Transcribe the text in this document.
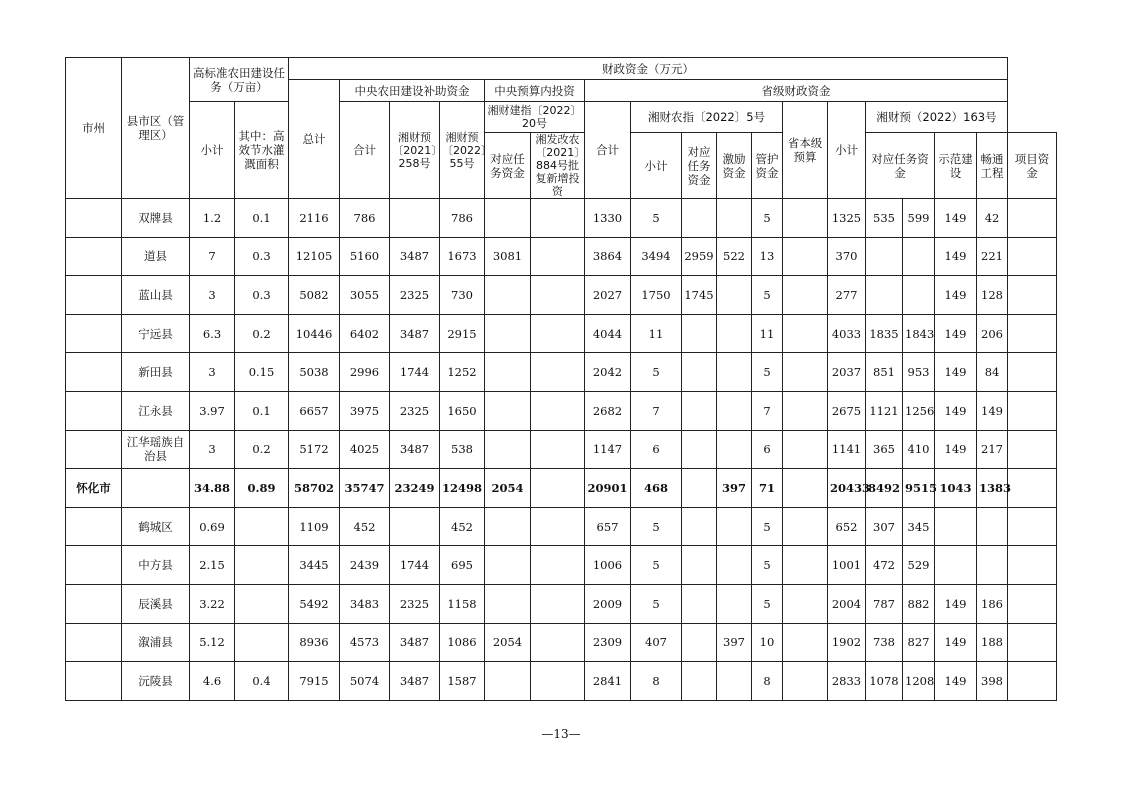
市州	县市区（管理区）	高标准农田建设任务（万亩）		财政资金（万元）																	
				总计	中央农田建设补助资金			中央预算内投资		省级财政资金											
		小计	其中：高效节水灌溉面积		合计	湘财预〔2021〕258号	湘财预〔2022〕55号	湘财建指〔2022〕20号		合计	湘财农指〔2022〕5号				省本级预算	小计	湘财预（2022）163号				
								对应任务资金	湘发改农〔2021〕884号批复新增投资		小计	对应任务资金	激励资金	管护资金			对应任务资金		示范建设	畅通工程	项目资金
	双牌县	1.2	0.1	2116	786		786			1330	5			5		1325	535	599	149	42	
	道县	7	0.3	12105	5160	3487	1673	3081		3864	3494	2959	522	13		370			149	221	
	蓝山县	3	0.3	5082	3055	2325	730			2027	1750	1745		5		277			149	128	
	宁远县	6.3	0.2	10446	6402	3487	2915			4044	11			11		4033	1835	1843	149	206	
	新田县	3	0.15	5038	2996	1744	1252			2042	5			5		2037	851	953	149	84	
	江永县	3.97	0.1	6657	3975	2325	1650			2682	7			7		2675	1121	1256	149	149	
	江华瑶族自治县	3	0.2	5172	4025	3487	538			1147	6			6		1141	365	410	149	217	
怀化市		34.88	0.89	58702	35747	23249	12498	2054		20901	468		397	71		20433	8492	9515	1043	1383	
	鹤城区	0.69		1109	452		452			657	5			5		652	307	345			
	中方县	2.15		3445	2439	1744	695			1006	5			5		1001	472	529			
	辰溪县	3.22		5492	3483	2325	1158			2009	5			5		2004	787	882	149	186	
	溆浦县	5.12		8936	4573	3487	1086	2054		2309	407		397	10		1902	738	827	149	188	
	沅陵县	4.6	0.4	7915	5074	3487	1587			2841	8			8		2833	1078	1208	149	398	
—13—
